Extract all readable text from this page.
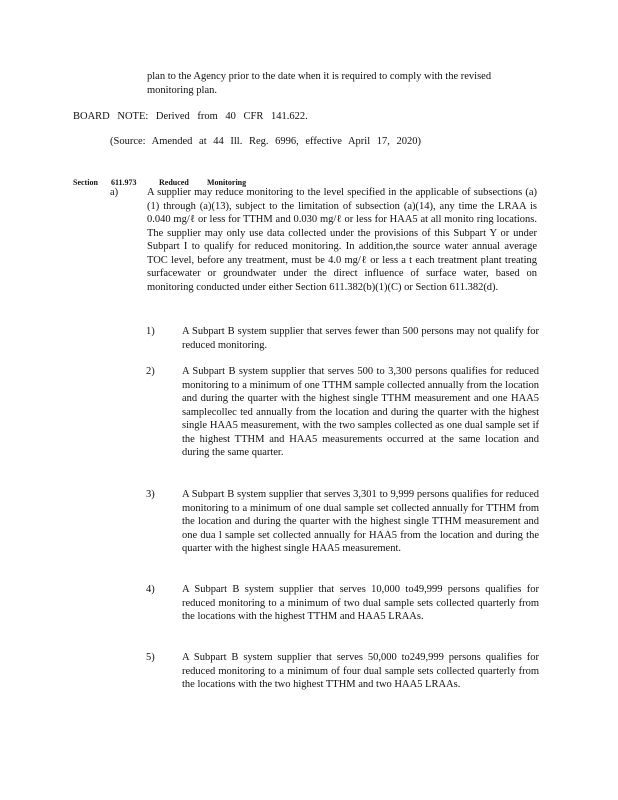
plan to the Agency prior to the date when it is required to comply with the revised
monitoring plan.

BOARD NOTE: Derived from 40 CFR 141.622.

(Source: Amended at 44 Ill. Reg. 6996, effective April 17, 2020)

Section 611.973	Reduced Monitoring

a)	A supplier may reduce monitoring to the level specified in the applicable of subsections (a)(1) through (a)(13), subject to the limitation of subsection (a)(14), any time the LRAA is 0.040 mg/ℓ or less for TTHM and 0.030 mg/ℓ or less for HAA5 at all monito ring locations. The supplier may only use data collected under the provisions of this Subpart Y or under Subpart I to qualify for reduced monitoring. In addition,the source water annual average TOC level, before any treatment, must be 4.0 mg/ℓ or less a t each treatment plant treating surfacewater or groundwater under the direct influence of surface water, based on monitoring conducted under either Section 611.382(b)(1)(C) or Section 611.382(d).

1)	A Subpart B system supplier that serves fewer than 500 persons may not qualify for reduced monitoring.

2)	A Subpart B system supplier that serves 500 to 3,300 persons qualifies for reduced monitoring to a minimum of one TTHM sample collected annually from the location and during the quarter with the highest single TTHM measurement and one HAA5 samplecollec ted annually from the location and during the quarter with the highest single HAA5 measurement, with the two samples collected as one dual sample set if the highest TTHM and HAA5 measurements occurred at the same location and during the same quarter.

3)	A Subpart B system supplier that serves 3,301 to 9,999 persons qualifies for reduced monitoring to a minimum of one dual sample set collected annually for TTHM from the location and during the quarter with the highest single TTHM measurement and one dua l sample set collected annually for HAA5 from the location and during the quarter with the highest single HAA5 measurement.

4)	A Subpart B system supplier that serves 10,000 to49,999 persons qualifies for reduced monitoring to a minimum of two dual sample sets collected quarterly from the locations with the highest TTHM and HAA5 LRAAs.

5)	A Subpart B system supplier that serves 50,000 to249,999 persons qualifies for reduced monitoring to a minimum of four dual sample sets collected quarterly from the locations with the two highest TTHM and two HAA5 LRAAs.
